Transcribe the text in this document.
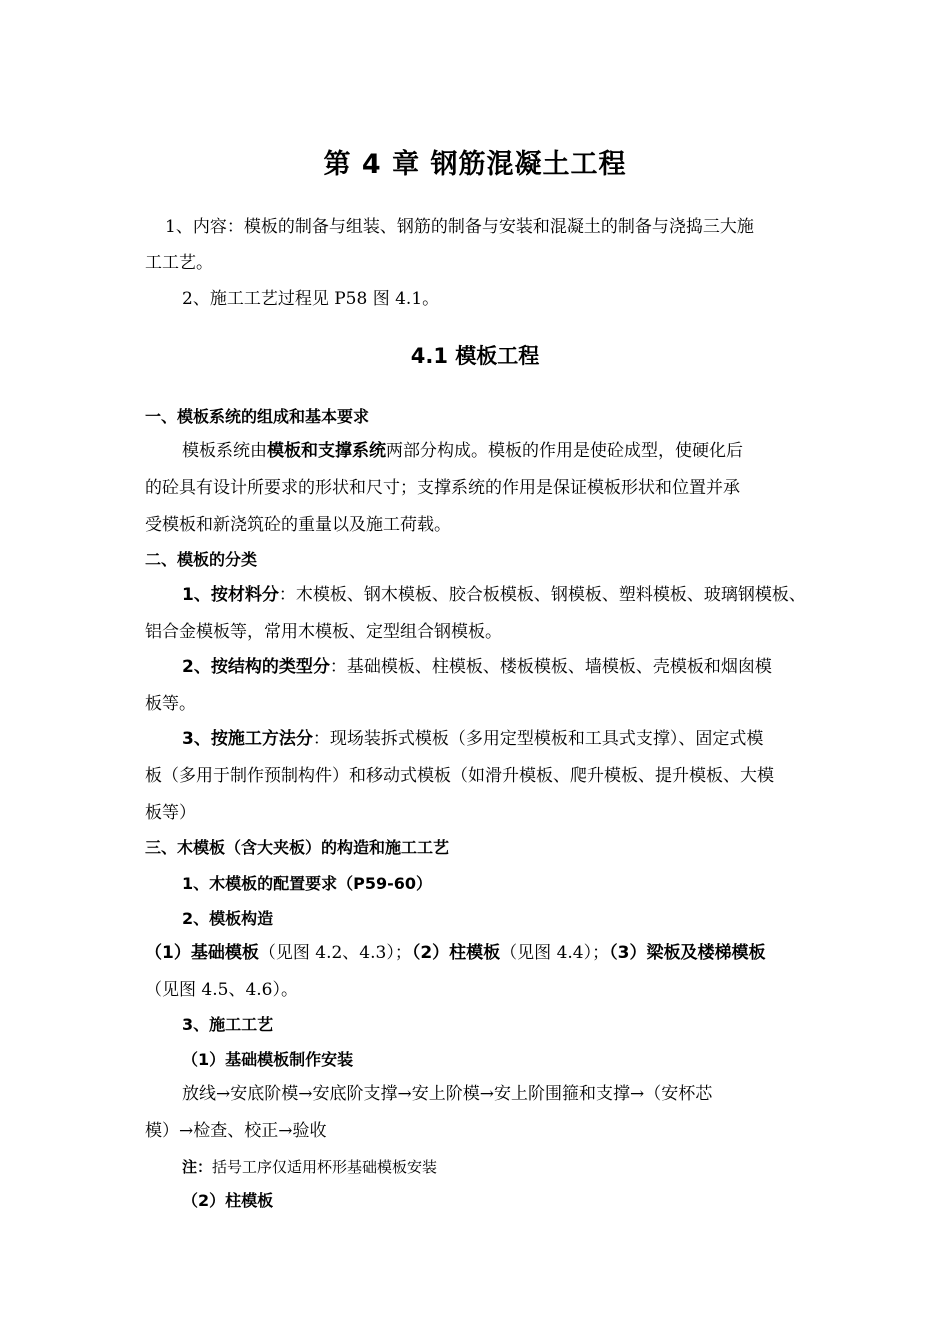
第 4 章 钢筋混凝土工程
1、内容：模板的制备与组装、钢筋的制备与安装和混凝土的制备与浇捣三大施
工工艺。
2、施工工艺过程见 P58 图 4.1。
4.1 模板工程
一、模板系统的组成和基本要求
模板系统由模板和支撑系统两部分构成。模板的作用是使砼成型，使硬化后
的砼具有设计所要求的形状和尺寸；支撑系统的作用是保证模板形状和位置并承
受模板和新浇筑砼的重量以及施工荷载。
二、模板的分类
1、按材料分：木模板、钢木模板、胶合板模板、钢模板、塑料模板、玻璃钢模板、
铝合金模板等，常用木模板、定型组合钢模板。
2、按结构的类型分：基础模板、柱模板、楼板模板、墙模板、壳模板和烟囱模
板等。
3、按施工方法分：现场装拆式模板（多用定型模板和工具式支撑）、固定式模
板（多用于制作预制构件）和移动式模板（如滑升模板、爬升模板、提升模板、大模
板等）
三、木模板（含大夹板）的构造和施工工艺
1、木模板的配置要求（P59-60）
2、模板构造
（1）基础模板（见图 4.2、4.3）；（2）柱模板（见图 4.4）；（3）梁板及楼梯模板
（见图 4.5、4.6）。
3、施工工艺
（1）基础模板制作安装
放线→安底阶模→安底阶支撑→安上阶模→安上阶围箍和支撑→（安杯芯
模）→检查、校正→验收
注：括号工序仅适用杯形基础模板安装
（2）柱模板
